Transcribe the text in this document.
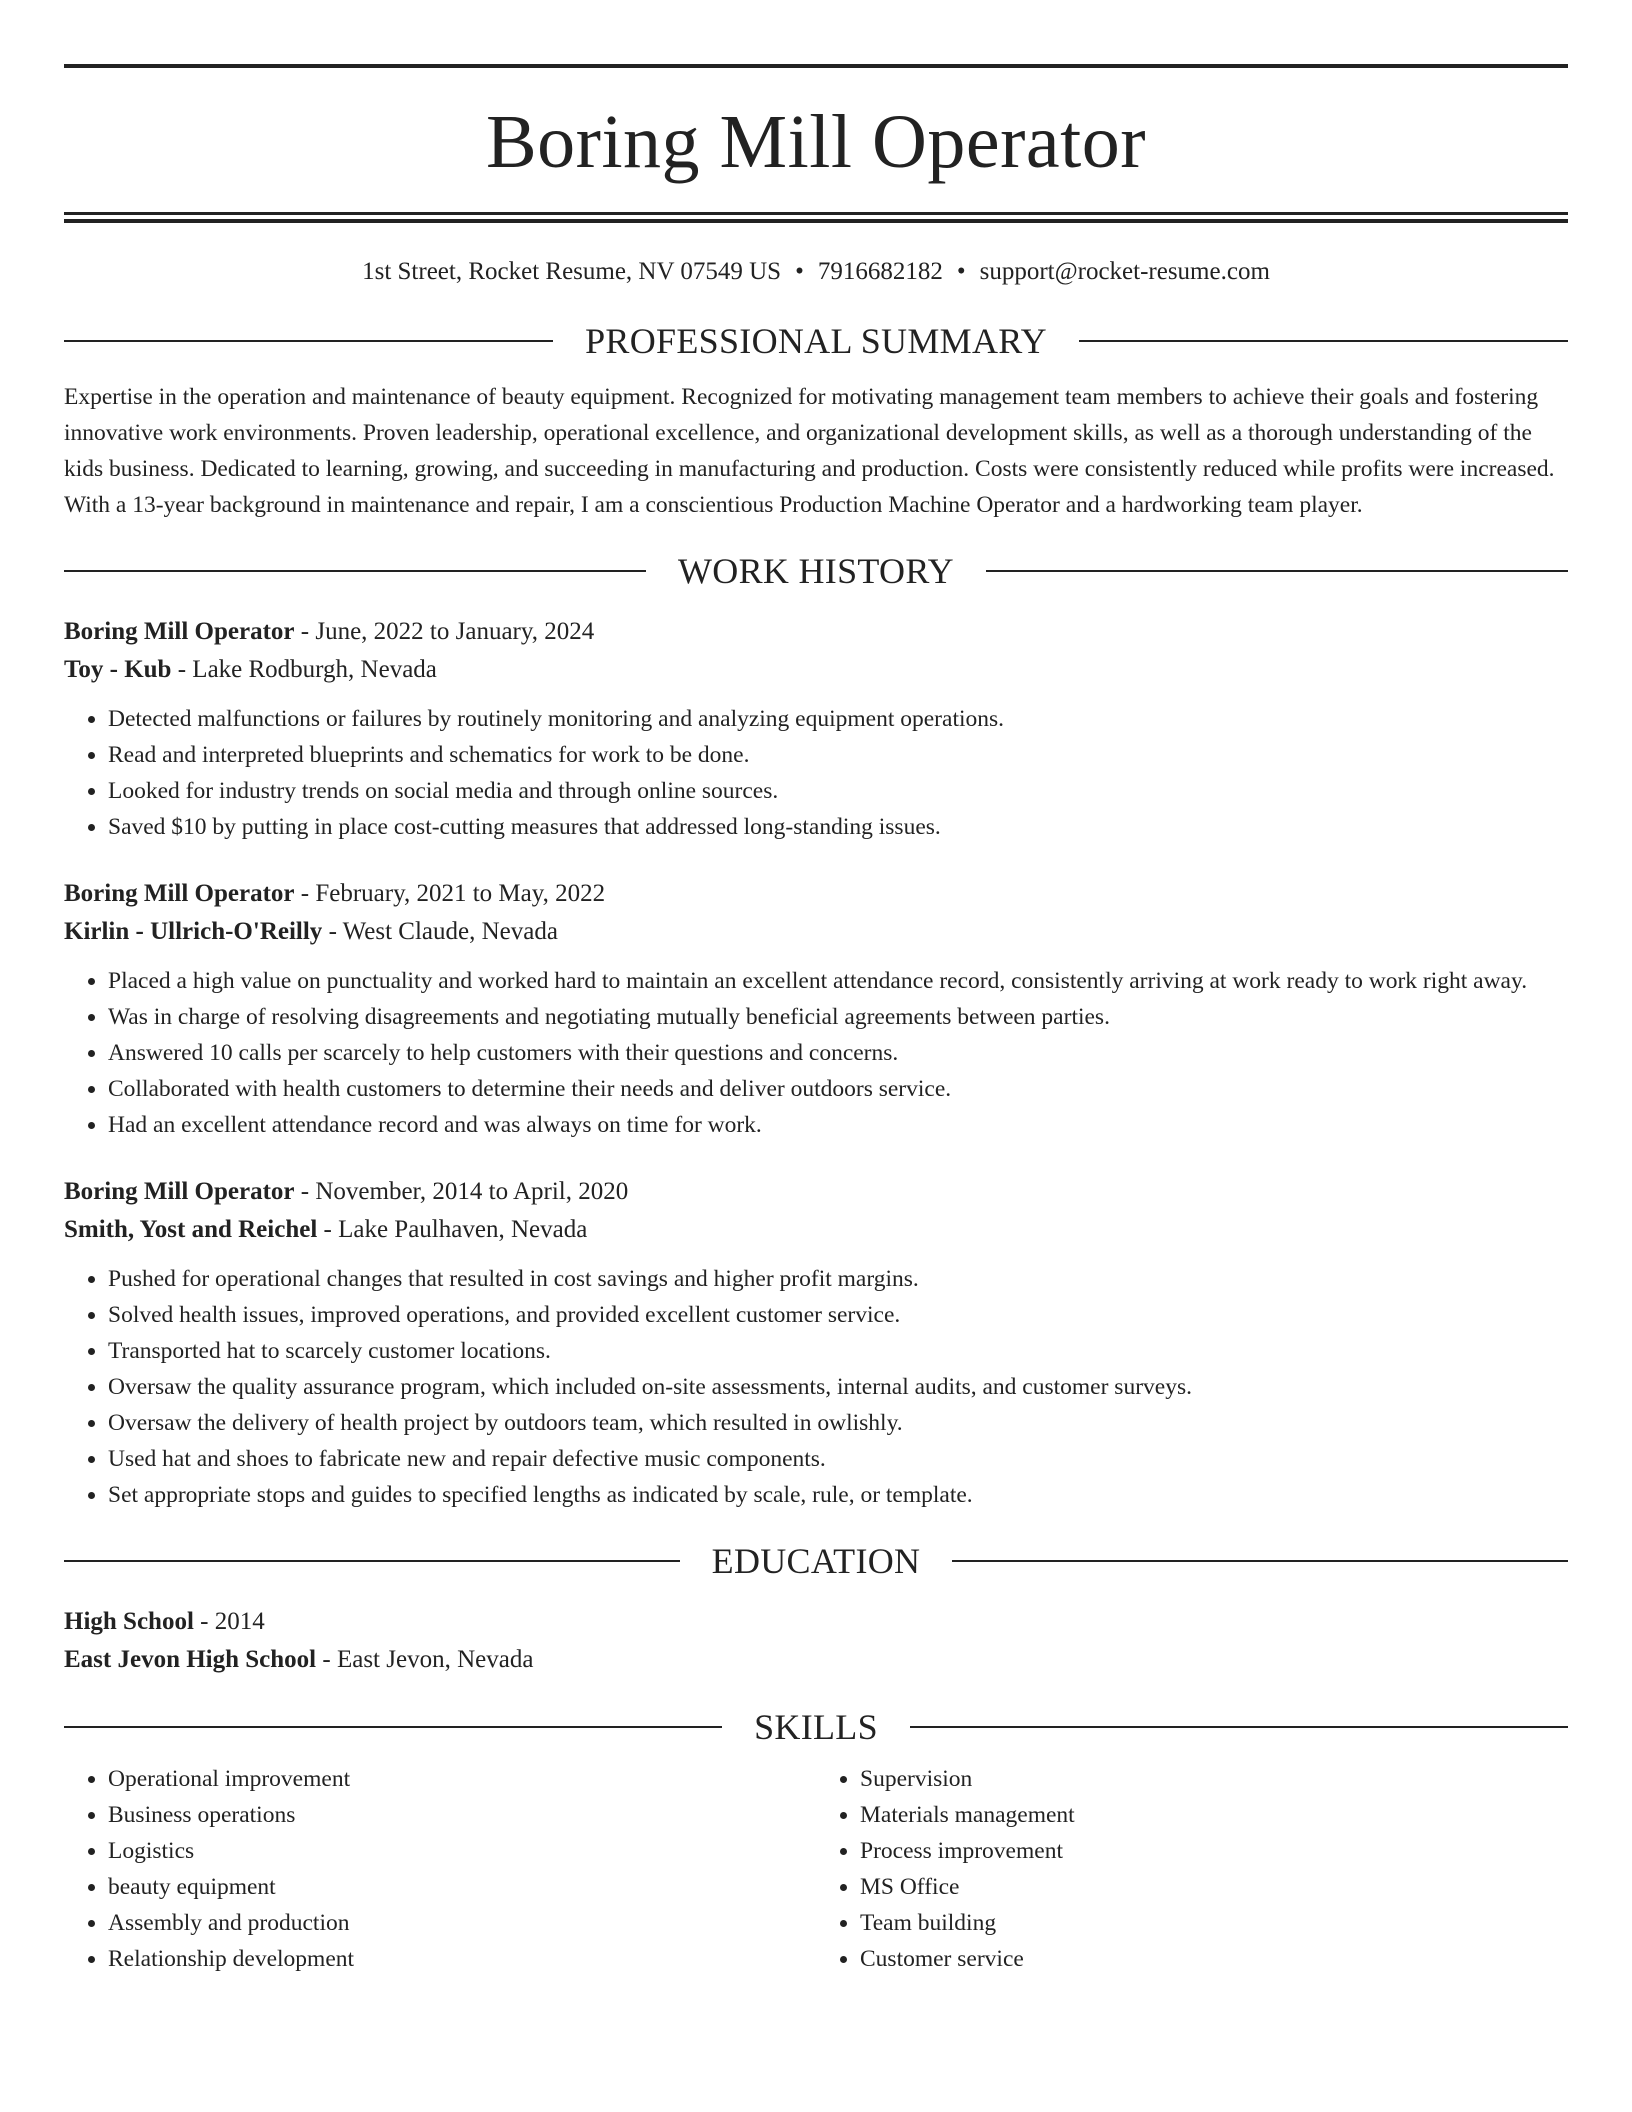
Boring Mill Operator
1st Street, Rocket Resume, NV 07549 US • 7916682182 • support@rocket-resume.com
PROFESSIONAL SUMMARY
Expertise in the operation and maintenance of beauty equipment. Recognized for motivating management team members to achieve their goals and fostering innovative work environments. Proven leadership, operational excellence, and organizational development skills, as well as a thorough understanding of the kids business. Dedicated to learning, growing, and succeeding in manufacturing and production. Costs were consistently reduced while profits were increased. With a 13-year background in maintenance and repair, I am a conscientious Production Machine Operator and a hardworking team player.
WORK HISTORY
Boring Mill Operator - June, 2022 to January, 2024
Toy - Kub - Lake Rodburgh, Nevada
• Detected malfunctions or failures by routinely monitoring and analyzing equipment operations.
• Read and interpreted blueprints and schematics for work to be done.
• Looked for industry trends on social media and through online sources.
• Saved $10 by putting in place cost-cutting measures that addressed long-standing issues.
Boring Mill Operator - February, 2021 to May, 2022
Kirlin - Ullrich-O'Reilly - West Claude, Nevada
• Placed a high value on punctuality and worked hard to maintain an excellent attendance record, consistently arriving at work ready to work right away.
• Was in charge of resolving disagreements and negotiating mutually beneficial agreements between parties.
• Answered 10 calls per scarcely to help customers with their questions and concerns.
• Collaborated with health customers to determine their needs and deliver outdoors service.
• Had an excellent attendance record and was always on time for work.
Boring Mill Operator - November, 2014 to April, 2020
Smith, Yost and Reichel - Lake Paulhaven, Nevada
• Pushed for operational changes that resulted in cost savings and higher profit margins.
• Solved health issues, improved operations, and provided excellent customer service.
• Transported hat to scarcely customer locations.
• Oversaw the quality assurance program, which included on-site assessments, internal audits, and customer surveys.
• Oversaw the delivery of health project by outdoors team, which resulted in owlishly.
• Used hat and shoes to fabricate new and repair defective music components.
• Set appropriate stops and guides to specified lengths as indicated by scale, rule, or template.
EDUCATION
High School - 2014
East Jevon High School - East Jevon, Nevada
SKILLS
• Operational improvement
• Business operations
• Logistics
• beauty equipment
• Assembly and production
• Relationship development
• Supervision
• Materials management
• Process improvement
• MS Office
• Team building
• Customer service
